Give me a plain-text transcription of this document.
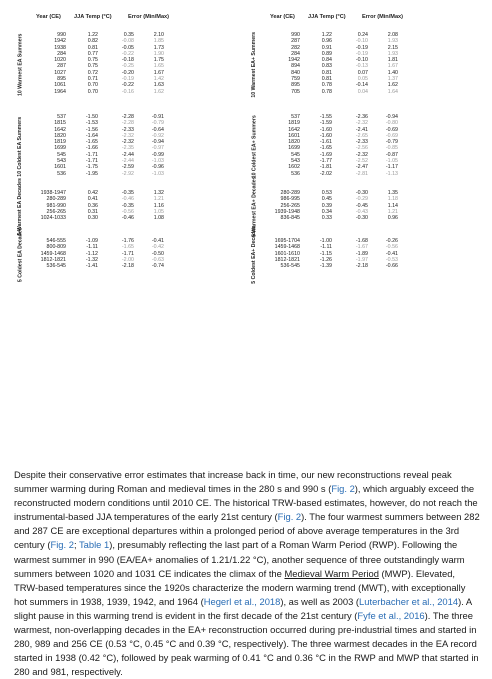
Year (CE) JJA Temp (°C)	Error (Min/Max)
10 Warmest EA Summers	990	1.22	0.35	2.10
1942	0.82	-0.08	1.85
1938	0.81	-0.05	1.73
284	0.77	-0.22	1.90
1020	0.75	-0.18	1.75
287	0.75	-0.25	1.65
1027	0.72	-0.20	1.67
895	0.71	-0.19	1.42
1061	0.70	-0.22	1.63
1964	0.70	-0.16	1.62
10 Coldest EA Summers	537	-1.50	-2.28	-0.91
1815	-1.53	-2.28	-0.79
1642	-1.56	-2.33	-0.64
1820	-1.64	-2.32	-0.92
1819	-1.65	-2.32	-0.94
1699	-1.66	-2.35	-0.97
545	-1.71	-2.44	-0.99
543	-1.71	-2.44	-1.03
1601	-1.75	-2.59	-0.96
536	-1.95	-2.92	-1.03
5 Warmest EA Decades	1938-1947	0.42	-0.35	1.32
280-289	0.41	-0.46	1.21
981-990	0.36	-0.35	1.16
256-265	0.31	-0.56	1.05
1024-1033	0.30	-0.46	1.08
5 Coldest EA Decades	546-555	-1.09	-1.76	-0.41
800-809	-1.11	-1.65	-0.42
1459-1468	-1.12	-1.71	-0.50
1812-1821	-1.32	-2.00	-0.63
536-545	-1.41	-2.18	-0.74
Year (CE) JJA Temp (°C)	Error (Min/Max)
10 Warmest EA+ Summers	990	1.22	0.24	2.08
287	0.96	-0.10	1.93
282	0.91	-0.19	2.15
284	0.89	-0.19	1.93
1942	0.84	-0.10	1.81
894	0.83	-0.13	1.67
840	0.81	0.07	1.40
759	0.81	0.05	1.37
895	0.78	-0.14	1.62
705	0.78	0.04	1.64
10 Coldest EA+ Summers	537	-1.55	-2.36	-0.94
1819	-1.59	-2.32	-0.80
1642	-1.60	-2.41	-0.69
1601	-1.60	-2.65	-0.69
1820	-1.61	-2.33	-0.79
1699	-1.65	-2.56	-0.85
545	-1.69	-2.32	-0.87
543	-1.77	-2.52	-1.05
1602	-1.81	-2.47	-1.17
536	-2.02	-2.81	-1.13
5 Warmest EA+ Decades	280-289	0.53	-0.30	1.35
986-995	0.45	-0.29	1.18
256-265	0.39	-0.45	1.14
1939-1948	0.34	-0.43	1.21
836-845	0.33	-0.30	0.96
5 Coldest EA+ Decades	1695-1704	-1.00	-1.68	-0.26
1459-1468	-1.11	-1.67	-0.56
1601-1610	-1.15	-1.89	-0.41
1812-1821	-1.26	-1.97	-0.53
536-545	-1.39	-2.18	-0.66
Despite their conservative error estimates that increase back in time, our new reconstructions reveal peak summer warming during Roman and medieval times in the 280 s and 990 s (Fig. 2), which arguably exceed the reconstructed modern conditions until 2010 CE. The historical TRW-based estimates, however, do not reach the instrumental-based JJA temperatures of the early 21st century (Fig. 2). The four warmest summers between 282 and 287 CE are exceptional departures within a prolonged period of above average temperatures in the 3rd century (Fig. 2; Table 1), presumably reflecting the last part of a Roman Warm Period (RWP). Following the warmest summer in 990 (EA/EA+ anomalies of 1.21/1.22 °C), another sequence of three outstandingly warm summers between 1020 and 1031 CE indicates the climax of the Medieval Warm Period (MWP). Elevated, TRW-based temperatures since the 1920s characterize the modern warming trend (MWT), with exceptionally hot summers in 1938, 1939, 1942, and 1964 (Hegerl et al., 2018), as well as 2003 (Luterbacher et al., 2014). A slight pause in this warming trend is evident in the first decade of the 21st century (Fyfe et al., 2016). The three warmest, non-overlapping decades in the EA+ reconstruction occurred during pre-industrial times and started in 280, 989 and 256 CE (0.53 °C, 0.45 °C and 0.39 °C, respectively). The three warmest decades in the EA record started in 1938 (0.42 °C), followed by peak warming of 0.41 °C and 0.36 °C in the RWP and MWP that started in 280 and 981, respectively.
